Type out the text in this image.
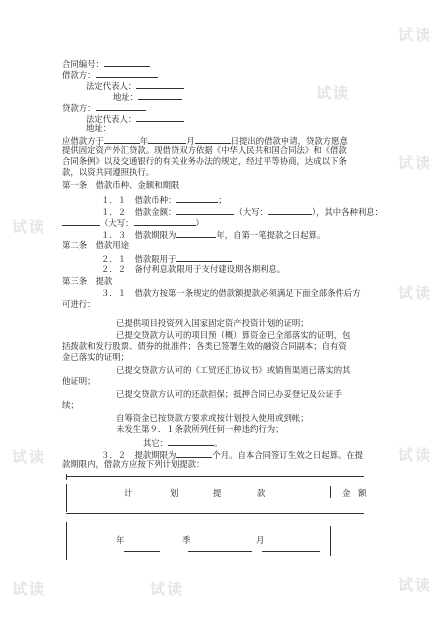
试读
试读
试读
试读
试读
试读
试读
试读
试读
试读
合同编号：
借款方：
法定代表人：
地址：
贷款方：
法定代表人：
地址：
应借款方于	年	月	日提出的借款申请，贷款方愿意
提供固定资产外汇贷款。现借贷双方依据《中华人民共和国合同法》和《借款
合同条例》以及交通银行的有关业务办法的规定，经过平等协商，达成以下条
款，以资共同遵照执行。
第一条　借款币种、金额和期限
１．１　借款币种：	；
１．２　借款金额：	（大写：	），其中各种利息：
（大写：	）
１．３　借款期限为	年，自第一笔提款之日起算。
第二条　借款用途
２．１　借款限用于
２．２　备付利息款限用于支付建设期各期利息。
第三条　提款
３．１　借款方按第一条规定的借款额提款必须满足下面全部条件后方
可进行：
已提供项目投资列入国家固定资产投资计划的证明；
已提交贷款方认可的项目预（概）算资金已全部落实的证明，包
括拨款和发行股票、债券的批准件；各类已签署生效的融资合同副本；自有资
金已落实的证明；
已提交贷款方认可的《工贸还汇协议书》或销售渠道已落实的其
他证明；
已提交贷款方认可的还款担保；抵押合同已办妥登记及公证手
续；
自筹资金已按贷款方要求或按计划投入使用或到帐；
未发生第９．１条款所列任何一种违约行为；
其它：	。
３．２　提款期限为	个月。自本合同签订生效之日起算。在提
款期限内，借款方应按下列计划提款：
计	划	提	款	金 额
年	季	月
